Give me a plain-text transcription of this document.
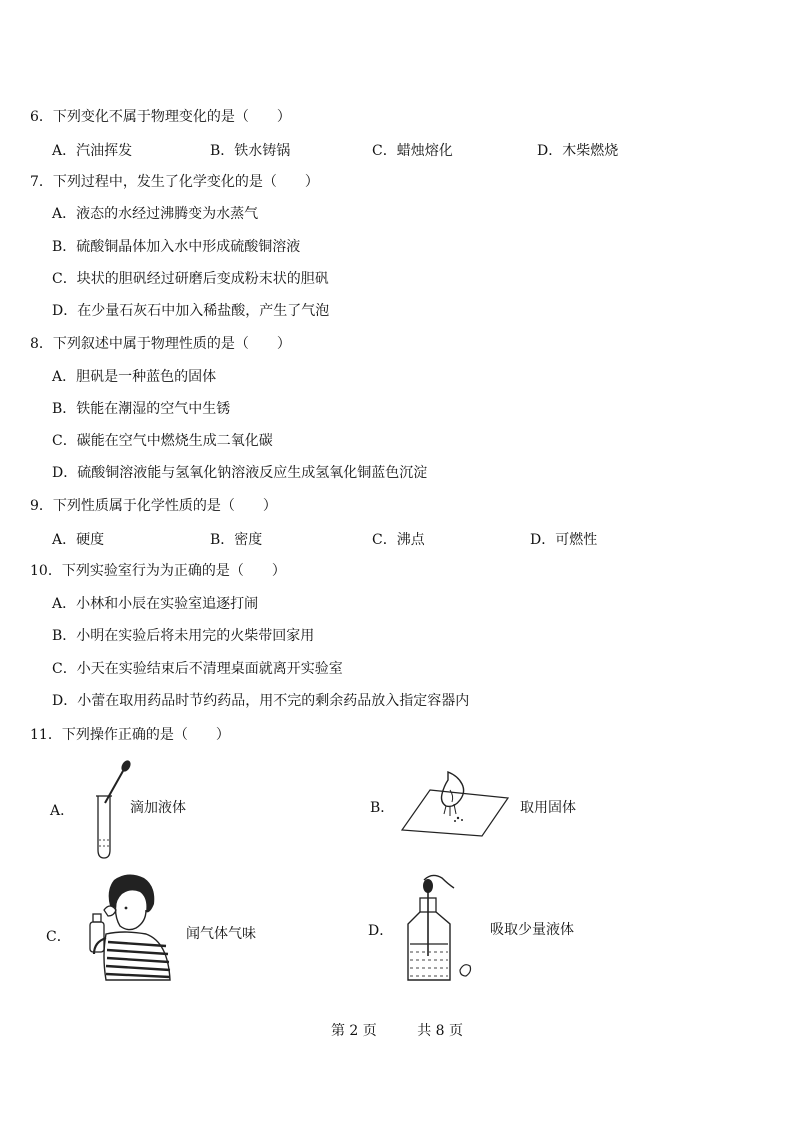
6．下列变化不属于物理变化的是（　　）
A．汽油挥发	B．铁水铸锅	C．蜡烛熔化	D．木柴燃烧
7．下列过程中，发生了化学变化的是（　　）
A．液态的水经过沸腾变为水蒸气
B．硫酸铜晶体加入水中形成硫酸铜溶液
C．块状的胆矾经过研磨后变成粉末状的胆矾
D．在少量石灰石中加入稀盐酸，产生了气泡
8．下列叙述中属于物理性质的是（　　）
A．胆矾是一种蓝色的固体
B．铁能在潮湿的空气中生锈
C．碳能在空气中燃烧生成二氧化碳
D．硫酸铜溶液能与氢氧化钠溶液反应生成氢氧化铜蓝色沉淀
9．下列性质属于化学性质的是（　　）
A．硬度	B．密度	C．沸点	D．可燃性
10．下列实验室行为为正确的是（　　）
A．小林和小辰在实验室追逐打闹
B．小明在实验后将未用完的火柴带回家用
C．小天在实验结束后不清理桌面就离开实验室
D．小蕾在取用药品时节约药品，用不完的剩余药品放入指定容器内
11．下列操作正确的是（　　）
A．	滴加液体	B．	取用固体
C．	闻气体气味	D．	吸取少量液体
第 2 页	共 8 页
